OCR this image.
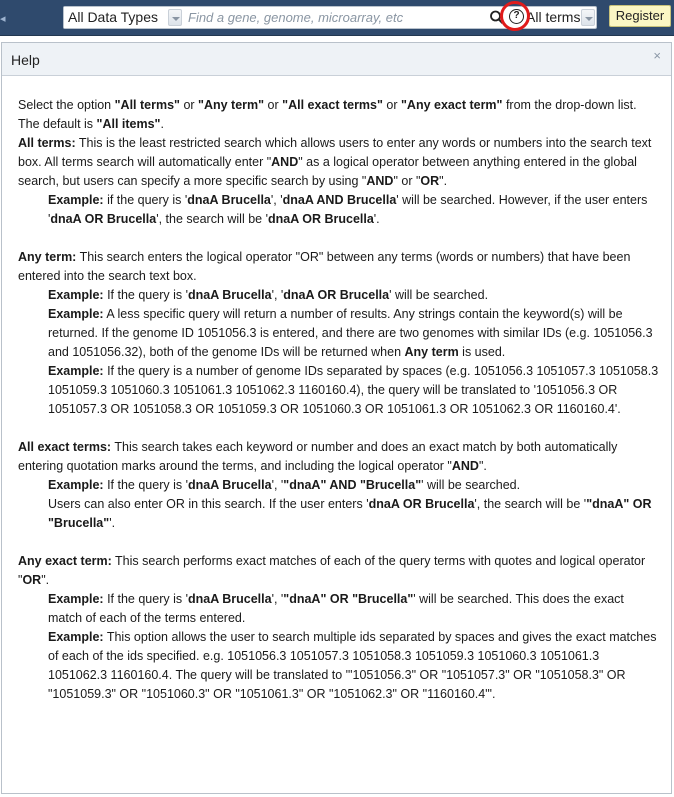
◂	All Data Types
Find a gene, genome, microarray, etc	? All terms	Register
Help	×

Select the option "All terms" or "Any term" or "All exact terms" or "Any exact term" from the drop-down list. The default is "All items".

All terms: This is the least restricted search which allows users to enter any words or numbers into the search text box. All terms search will automatically enter "AND" as a logical operator between anything entered in the global search, but users can specify a more specific search by using "AND" or "OR".

Example: if the query is 'dnaA Brucella', 'dnaA AND Brucella' will be searched. However, if the user enters 'dnaA OR Brucella', the search will be 'dnaA OR Brucella'.

Any term: This search enters the logical operator "OR" between any terms (words or numbers) that have been entered into the search text box.

Example: If the query is 'dnaA Brucella', 'dnaA OR Brucella' will be searched.

Example: A less specific query will return a number of results. Any strings contain the keyword(s) will be returned. If the genome ID 1051056.3 is entered, and there are two genomes with similar IDs (e.g. 1051056.3 and 1051056.32), both of the genome IDs will be returned when Any term is used.

Example: If the query is a number of genome IDs separated by spaces (e.g. 1051056.3 1051057.3 1051058.3 1051059.3 1051060.3 1051061.3 1051062.3 1160160.4), the query will be translated to '1051056.3 OR 1051057.3 OR 1051058.3 OR 1051059.3 OR 1051060.3 OR 1051061.3 OR 1051062.3 OR 1160160.4'.

All exact terms: This search takes each keyword or number and does an exact match by both automatically entering quotation marks around the terms, and including the logical operator "AND".

Example: If the query is 'dnaA Brucella', '"dnaA" AND "Brucella"' will be searched.
Users can also enter OR in this search. If the user enters 'dnaA OR Brucella', the search will be '"dnaA" OR "Brucella"'.

Any exact term: This search performs exact matches of each of the query terms with quotes and logical operator "OR".

Example: If the query is 'dnaA Brucella', '"dnaA" OR "Brucella"' will be searched. This does the exact match of each of the terms entered.

Example: This option allows the user to search multiple ids separated by spaces and gives the exact matches of each of the ids specified. e.g. 1051056.3 1051057.3 1051058.3 1051059.3 1051060.3 1051061.3 1051062.3 1160160.4. The query will be translated to '"1051056.3" OR "1051057.3" OR "1051058.3" OR "1051059.3" OR "1051060.3" OR "1051061.3" OR "1051062.3" OR "1160160.4"'.
